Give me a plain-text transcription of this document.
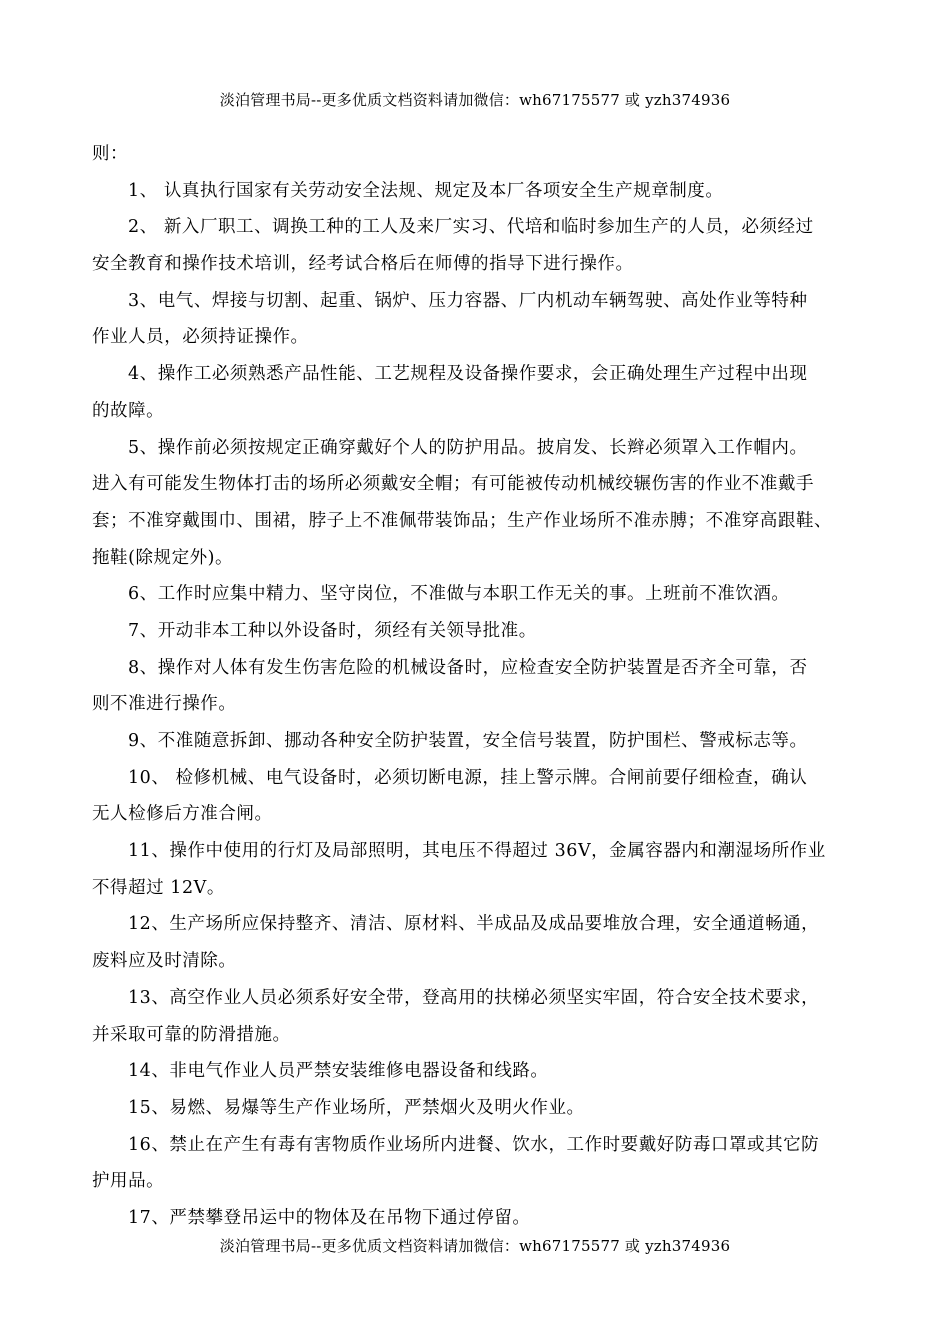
淡泊管理书局--更多优质文档资料请加微信：wh67175577 或 yzh374936
则：
1、 认真执行国家有关劳动安全法规、规定及本厂各项安全生产规章制度。
2、 新入厂职工、调换工种的工人及来厂实习、代培和临时参加生产的人员，必须经过
安全教育和操作技术培训，经考试合格后在师傅的指导下进行操作。
3、电气、焊接与切割、起重、锅炉、压力容器、厂内机动车辆驾驶、高处作业等特种
作业人员，必须持证操作。
4、操作工必须熟悉产品性能、工艺规程及设备操作要求，会正确处理生产过程中出现
的故障。
5、操作前必须按规定正确穿戴好个人的防护用品。披肩发、长辫必须罩入工作帽内。
进入有可能发生物体打击的场所必须戴安全帽；有可能被传动机械绞辗伤害的作业不准戴手
套；不准穿戴围巾、围裙，脖子上不准佩带装饰品；生产作业场所不准赤膊；不准穿高跟鞋、
拖鞋(除规定外)。
6、工作时应集中精力、坚守岗位，不准做与本职工作无关的事。上班前不准饮酒。
7、开动非本工种以外设备时，须经有关领导批准。
8、操作对人体有发生伤害危险的机械设备时，应检查安全防护装置是否齐全可靠，否
则不准进行操作。
9、不准随意拆卸、挪动各种安全防护装置，安全信号装置，防护围栏、警戒标志等。
10、 检修机械、电气设备时，必须切断电源，挂上警示牌。合闸前要仔细检查，确认
无人检修后方准合闸。
11、操作中使用的行灯及局部照明，其电压不得超过 36V，金属容器内和潮湿场所作业
不得超过 12V。
12、生产场所应保持整齐、清洁、原材料、半成品及成品要堆放合理，安全通道畅通，
废料应及时清除。
13、高空作业人员必须系好安全带，登高用的扶梯必须坚实牢固，符合安全技术要求，
并采取可靠的防滑措施。
14、非电气作业人员严禁安装维修电器设备和线路。
15、易燃、易爆等生产作业场所，严禁烟火及明火作业。
16、禁止在产生有毒有害物质作业场所内进餐、饮水，工作时要戴好防毒口罩或其它防
护用品。
17、严禁攀登吊运中的物体及在吊物下通过停留。
淡泊管理书局--更多优质文档资料请加微信：wh67175577 或 yzh374936
